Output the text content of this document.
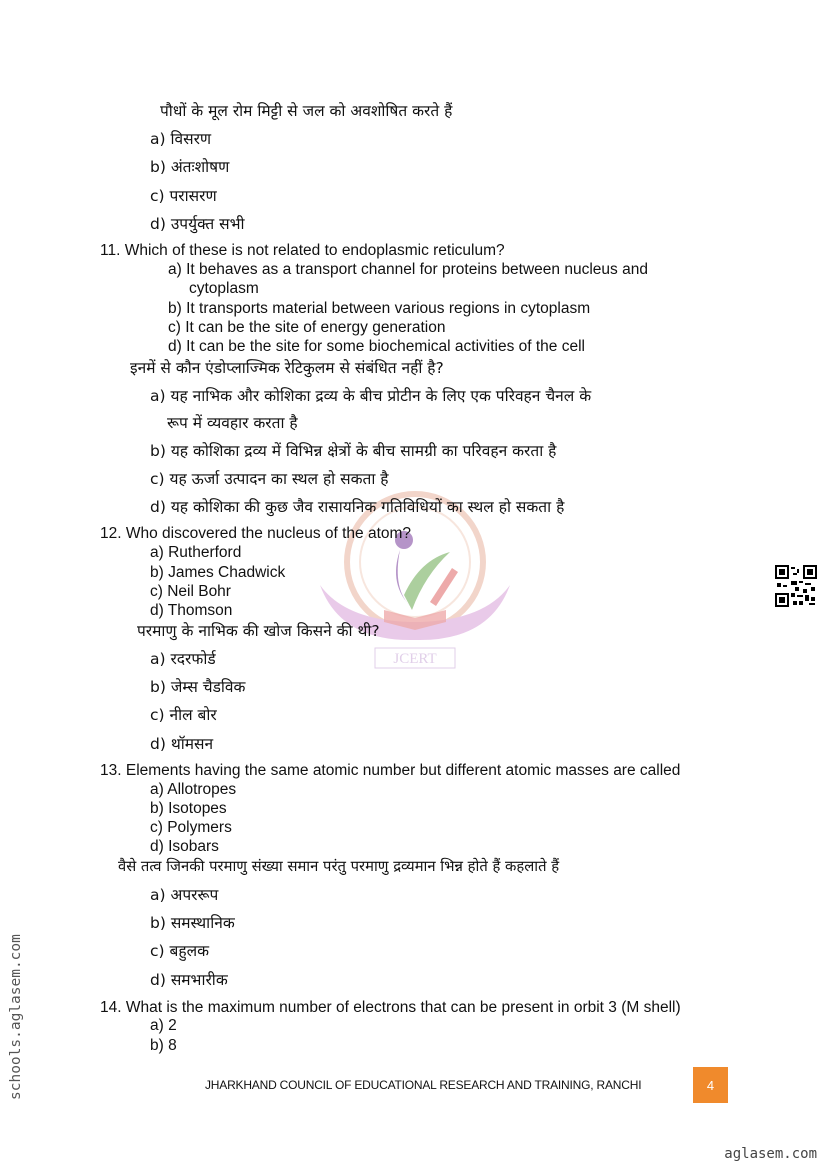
JCERT
पौधों के मूल रोम मिट्टी से जल को अवशोषित करते हैं
a) विसरण
b) अंतःशोषण
c) परासरण
d) उपर्युक्त सभी
11. Which of these is not related to endoplasmic reticulum?
a) It behaves as a transport channel for proteins between nucleus and
cytoplasm
b) It transports material between various regions in cytoplasm
c) It can be the site of energy generation
d) It can be the site for some biochemical activities of the cell
इनमें से कौन एंडोप्लाज्मिक रेटिकुलम से संबंधित नहीं है?
a) यह नाभिक और कोशिका द्रव्य के बीच प्रोटीन के लिए एक परिवहन चैनल के
रूप में व्यवहार करता है
b) यह कोशिका द्रव्य में विभिन्न क्षेत्रों के बीच सामग्री का परिवहन करता है
c) यह ऊर्जा उत्पादन का स्थल हो सकता है
d) यह कोशिका की कुछ जैव रासायनिक गतिविधियों का स्थल हो सकता है
12. Who discovered the nucleus of the atom?
a) Rutherford
b) James Chadwick
c) Neil Bohr
d) Thomson
परमाणु के नाभिक की खोज किसने की थी?
a) रदरफोर्ड
b) जेम्स चैडविक
c) नील बोर
d) थॉमसन
13. Elements having the same atomic number but different atomic masses are called
a) Allotropes
b) Isotopes
c) Polymers
d) Isobars
वैसे तत्व जिनकी परमाणु संख्या समान परंतु परमाणु द्रव्यमान भिन्न होते हैं कहलाते हैं
a) अपररूप
b) समस्थानिक
c) बहुलक
d) समभारीक
14. What is the maximum number of electrons that can be present in orbit 3 (M shell)
a) 2
b) 8
schools.aglasem.com	JHARKHAND COUNCIL OF EDUCATIONAL RESEARCH AND TRAINING, RANCHI	4
aglasem.com
